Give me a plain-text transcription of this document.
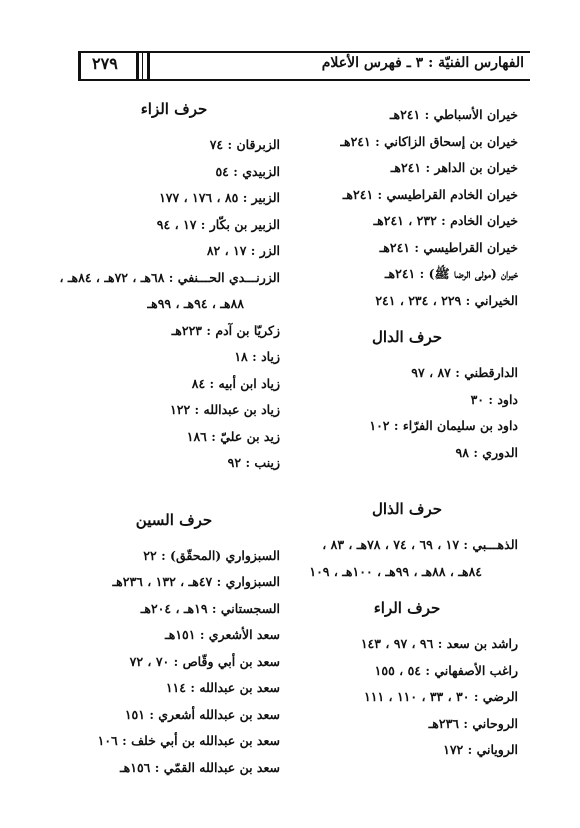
٢٧٩	الفهارس الفنيّة : ٣ ـ فهرس الأعلام
خيران الأسباطي : ٢٤١هـ
خيران بن إسحاق الزاكاني : ٢٤١هـ
خيران بن الداهر : ٢٤١هـ
خيران الخادم القراطيسي : ٢٤١هـ
خيران الخادم : ٢٣٢ ، ٢٤١هـ
خيران القراطيسي : ٢٤١هـ
خيران (مولى الرضا ﷺ) : ٢٤١هـ
الخيراني : ٢٢٩ ، ٢٣٤ ، ٢٤١
حرف الدال
الدارقطني : ٨٧ ، ٩٧
داود : ٣٠
داود بن سليمان الفرّاء : ١٠٢
الدوري : ٩٨
حرف الذال
الذهـــبي : ١٧ ، ٦٩ ، ٧٤ ، ٧٨هـ ، ٨٣ ،
٨٤هـ ، ٨٨هـ ، ٩٩هـ ، ١٠٠هـ ، ١٠٩
حرف الراء
راشد بن سعد : ٩٦ ، ٩٧ ، ١٤٣
راغب الأصفهاني : ٥٤ ، ١٥٥
الرضي : ٣٠ ، ٣٣ ، ١١٠ ، ١١١
الروحاني : ٢٣٦هـ
الروياني : ١٧٢
حرف الزاء
الزبرقان : ٧٤
الزبيدي : ٥٤
الزبير : ٨٥ ، ١٧٦ ، ١٧٧
الزبير بن بكّار : ١٧ ، ٩٤
الزر : ١٧ ، ٨٢
الزرنـــدي الحـــنفي : ٦٨هـ ، ٧٢هـ ، ٨٤هـ ،
٨٨هـ ، ٩٤هـ ، ٩٩هـ
زكريّا بن آدم : ٢٢٣هـ
زياد : ١٨
زياد ابن أبيه : ٨٤
زياد بن عبدالله : ١٢٢
زيد بن عليّ : ١٨٦
زينب : ٩٢
حرف السين
السبزواري (المحقّق) : ٢٢
السبزواري : ٤٧هـ ، ١٣٢ ، ٢٣٦هـ
السجستاني : ١٩هـ ، ٢٠٤هـ
سعد الأشعري : ١٥١هـ
سعد بن أبي وقّاص : ٧٠ ، ٧٢
سعد بن عبدالله : ١١٤
سعد بن عبدالله أشعري : ١٥١
سعد بن عبدالله بن أبي خلف : ١٠٦
سعد بن عبدالله القمّي : ١٥٦هـ
